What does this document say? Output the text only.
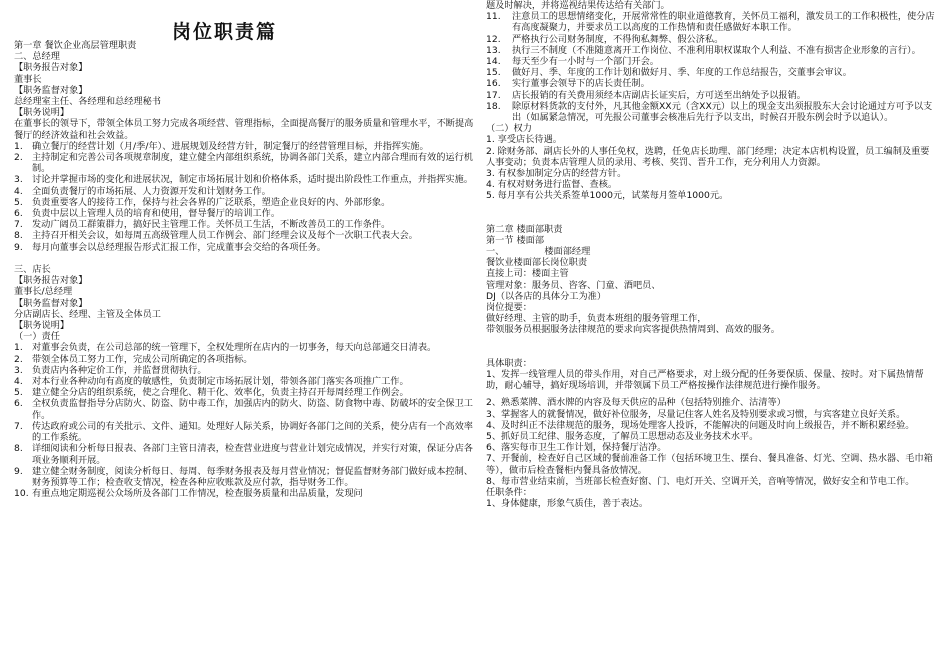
岗位职责篇
第一章 餐饮企业高层管理职责
二、总经理
【职务报告对象】
董事长
【职务监督对象】
总经理室主任、各经理和总经理秘书
【职务说明】
在董事长的领导下，带领全体员工努力完成各项经营、管理指标，全面提高餐厅的服务质量和管理水平，不断提高餐厅的经济效益和社会效益。
1.	确立餐厅的经营计划（月/季/年）、进展规划及经营方针，制定餐厅的经营管理目标，并指挥实施。
2.	主持制定和完善公司各项规章制度，建立健全内部组织系统，协调各部门关系，建立内部合理而有效的运行机制。
3.	讨论并掌握市场的变化和进展状况，制定市场拓展计划和价格体系，适时提出阶段性工作重点，并指挥实施。
4.	全面负责餐厅的市场拓展、人力资源开发和计划财务工作。
5.	负责重要客人的接待工作，保持与社会各界的广泛联系，塑造企业良好的内、外部形象。
6.	负责中层以上管理人员的培育和使用，督导餐厅的培训工作。
7.	发动广阔员工群策群力，搞好民主管理工作。关怀员工生活，不断改善员工的工作条件。
8.	主持召开相关会议，如每周五高级管理人员工作例会、部门经理会议及每个一次职工代表大会。
9.	每月向董事会以总经理报告形式汇报工作，完成董事会交给的各项任务。
三、店长
【职务报告对象】
董事长/总经理
【职务监督对象】
分店副店长、经理、主管及全体员工
【职务说明】
（一）责任
1.	对董事会负责，在公司总部的统一管理下，全权处理所在店内的一切事务，每天向总部通交日清表。
2.	带领全体员工努力工作，完成公司所确定的各项指标。
3.	负责店内各种定价工作，并监督贯彻执行。
4.	对本行业各种动向有高度的敏感性，负责制定市场拓展计划，带领各部门落实各项推广工作。
5.	建立健全分店的组织系统，使之合理化、精干化、效率化，负责主持召开每周经理工作例会。
6.	全权负责监督指导分店防火、防盗、防中毒工作，加强店内的防火、防盗、防食物中毒、防破坏的安全保卫工作。
7.	传达政府或公司的有关批示、文件、通知。处理好人际关系，协调好各部门之间的关系，使分店有一个高效率的工作系统。
8.	详细阅读和分析每日报表、各部门主管日清表，检查营业进度与营业计划完成情况，并实行对策，保证分店各项业务顺利开展。
9.	建立健全财务制度，阅读分析每日、每周、每季财务报表及每月营业情况；督促监督财务部门做好成本控制、财务预算等工作；检查收支情况，检查各种应收账款及应付款，指导财务工作。
10. 有重点地定期巡视公众场所及各部门工作情况，检查服务质量和出品质量，发现问
题及时解决，并将巡视结果传达给有关部门。
11.	注意员工的思想情绪变化，开展常常性的职业道德教育，关怀员工福利，激发员工的工作积极性，使分店有高度凝聚力，并要求员工以高度的工作热情和责任感做好本职工作。
12.	严格执行公司财务制度，不得徇私舞弊、假公济私。
13.	执行三不制度（不准随意离开工作岗位、不准利用职权谋取个人利益、不准有损害企业形象的言行）。
14.	每天至少有一小时与一个部门开会。
15.	做好月、季、年度的工作计划和做好月、季、年度的工作总结报告，交董事会审议。
16.	实行董事会领导下的店长责任制。
17.	店长报销的有关费用须经本店副店长证实后，方可送至出纳处予以报销。
18.	除原材料货款的支付外，凡其他金额XX元（含XX元）以上的现金支出须报股东大会讨论通过方可予以支出（如属紧急情况，可先报公司董事会核准后先行予以支出，时候召开股东例会时予以追认）。
（二）权力
1. 享受店长待遇。
2. 除财务部、副店长外的人事任免权，选聘，任免店长助理、部门经理；决定本店机构设置，员工编制及重要人事变动；负责本店管理人员的录用、考核、奖罚、晋升工作，充分利用人力资源。
3. 有权参加制定分店的经营方针。
4. 有权对财务进行监督、查核。
5. 每月享有公共关系签单1000元，试菜每月签单1000元。
第二章 楼面部职责
第一节 楼面部
一、	楼面部经理
餐饮业楼面部长岗位职责
直接上司：楼面主管
管理对象：服务员、咨客、门童、酒吧员、
DJ（以各店的具体分工为准）
岗位提要：
做好经理、主管的助手，负责本班组的服务管理工作，
带领服务员根据服务法律规范的要求向宾客提供热情周到、高效的服务。
具体职责：
1、发挥一线管理人员的带头作用，对自己严格要求，对上级分配的任务要保质、保量、按时。对下属热情帮助，耐心辅导，搞好现场培训，并带领属下员工严格按操作法律规范进行操作服务。
2、熟悉菜牌、酒水牌的内容及每天供应的品种（包括特别推介、沽清等）
3、掌握客人的就餐情况，做好补位服务，尽量记住客人姓名及特别要求或习惯，与宾客建立良好关系。
4、及时纠正不法律规范的服务，现场处理客人投诉，不能解决的问题及时向上级报告，并不断积累经验。
5、抓好员工纪律、服务态度，了解员工思想动态及业务技术水平。
6、落实每市卫生工作计划，保持餐厅洁净。
7、开餐前，检查好自己区域的餐前准备工作（包括环境卫生、摆台、餐具准备、灯光、空调、热水器、毛巾箱等），做市后检查餐柜内餐具备放情况。
8、每市营业结束前，当班部长检查好窗、门、电灯开关、空调开关，音响等情况，做好安全和节电工作。
任职条件：
1、身体健康，形象气质佳，善于表达。
